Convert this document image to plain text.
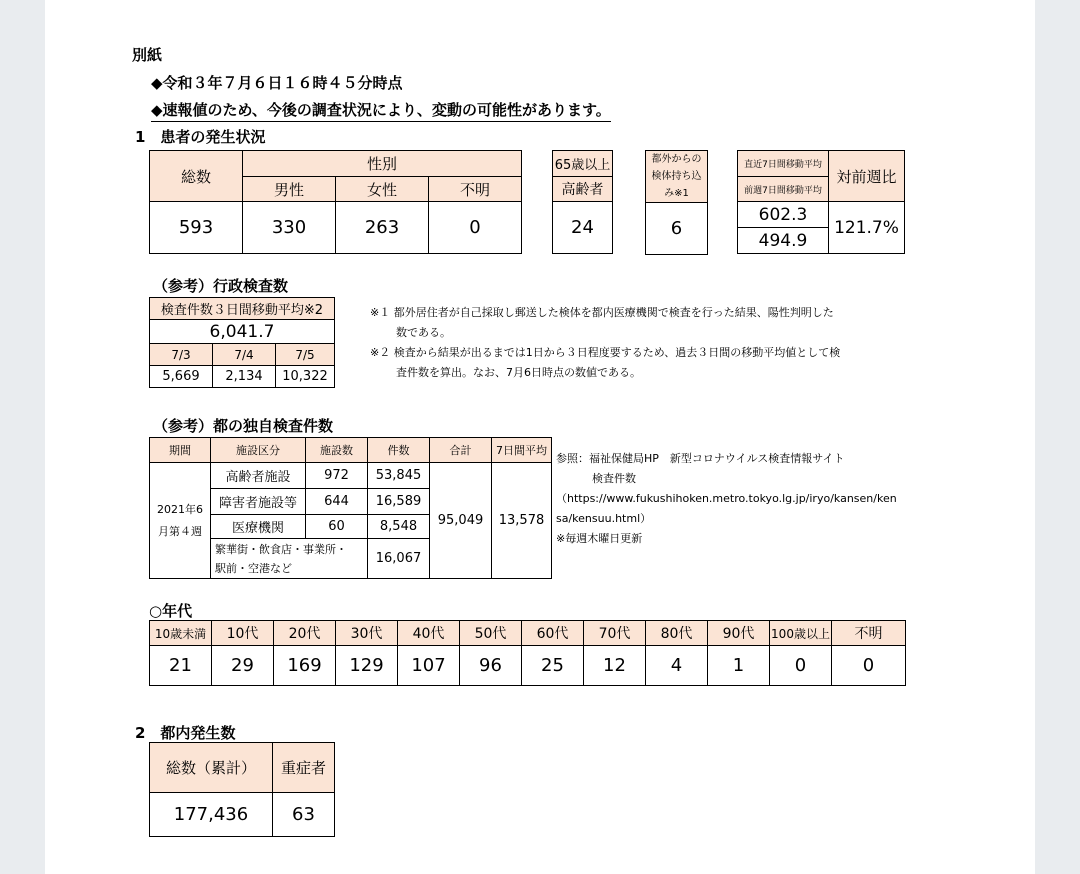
別紙
◆令和３年７月６日１６時４５分時点
◆速報値のため、今後の調査状況により、変動の可能性があります。
1　患者の発生状況
総数	性別		
	男性	女性	不明
593	330	263	0
65歳以上
高齢者
24
都外からの
検体持ち込
み※1

6
直近7日間移動平均	対前週比
前週7日間移動平均	
602.3	121.7%
494.9	
（参考）行政検査数
検査件数３日間移動平均※2		
6,041.7		
7/3	7/4	7/5
5,669	2,134	10,322
※１ 都外居住者が自己採取し郵送した検体を都内医療機関で検査を行った結果、陽性判明した
数である。
※２ 検査から結果が出るまでは1日から３日程度要するため、過去３日間の移動平均値として検
査件数を算出。なお、7月6日時点の数値である。
（参考）都の独自検査件数
期間	施設区分	施設数	件数	合計	7日間平均

2021年6
月第４週	高齢者施設	972	53,845	95,049	13,578
	障害者施設等	644	16,589		
	医療機関	60	8,548		

	繁華街・飲食店・事業所・
駅前・空港など		16,067		
参照：福祉保健局HP　新型コロナウイルス検査情報サイト
検査件数
（https://www.fukushihoken.metro.tokyo.lg.jp/iryo/kansen/ken
sa/kensuu.html）
※毎週木曜日更新
○年代
10歳未満	10代	20代	30代	40代	50代	60代	70代	80代	90代	100歳以上	不明
21	29	169	129	107	96	25	12	4	1	0	0
2　都内発生数
総数（累計）	重症者
177,436	63
